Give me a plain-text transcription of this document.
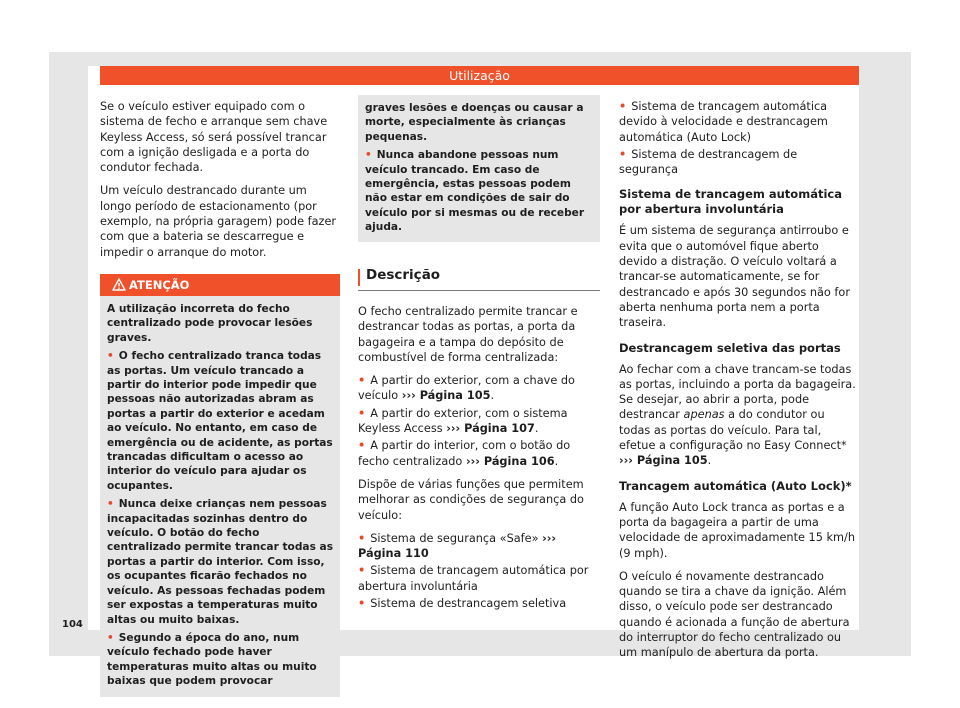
Utilização

Se o veículo estiver equipado com o sistema de fecho e arranque sem chave Keyless Access, só será possível trancar com a ignição desligada e a porta do condutor fechada.

Um veículo destrancado durante um longo período de estacionamento (por exemplo, na própria garagem) pode fazer com que a bateria se descarregue e impedir o arranque do motor.

ATENÇÃO

A utilização incorreta do fecho centralizado pode provocar lesões graves.

• O fecho centralizado tranca todas as portas. Um veículo trancado a partir do interior pode impedir que pessoas não autorizadas abram as portas a partir do exterior e acedam ao veículo. No entanto, em caso de emergência ou de acidente, as portas trancadas dificultam o acesso ao interior do veículo para ajudar os ocupantes.

• Nunca deixe crianças nem pessoas incapacitadas sozinhas dentro do veículo. O botão do fecho centralizado permite trancar todas as portas a partir do interior. Com isso, os ocupantes ficarão fechados no veículo. As pessoas fechadas podem ser expostas a temperaturas muito altas ou muito baixas.

• Segundo a época do ano, num veículo fechado pode haver temperaturas muito altas ou muito baixas que podem provocar

graves lesões e doenças ou causar a morte, especialmente às crianças pequenas.

• Nunca abandone pessoas num veículo trancado. Em caso de emergência, estas pessoas podem não estar em condições de sair do veículo por si mesmas ou de receber ajuda.

Descrição

O fecho centralizado permite trancar e destrancar todas as portas, a porta da bagageira e a tampa do depósito de combustível de forma centralizada:

• A partir do exterior, com a chave do veículo ››› Página 105.

• A partir do exterior, com o sistema Keyless Access ››› Página 107.

• A partir do interior, com o botão do fecho centralizado ››› Página 106.

Dispõe de várias funções que permitem melhorar as condições de segurança do veículo:

• Sistema de segurança «Safe» ››› Página 110

• Sistema de trancagem automática por abertura involuntária

• Sistema de destrancagem seletiva

• Sistema de trancagem automática devido à velocidade e destrancagem automática (Auto Lock)

• Sistema de destrancagem de segurança

Sistema de trancagem automática por abertura involuntária

É um sistema de segurança antirroubo e evita que o automóvel fique aberto devido a distração. O veículo voltará a trancar-se automaticamente, se for destrancado e após 30 segundos não for aberta nenhuma porta nem a porta traseira.

Destrancagem seletiva das portas

Ao fechar com a chave trancam-se todas as portas, incluindo a porta da bagageira. Se desejar, ao abrir a porta, pode destrancar apenas a do condutor ou todas as portas do veículo. Para tal, efetue a configuração no Easy Connect* ››› Página 105.

Trancagem automática (Auto Lock)*

A função Auto Lock tranca as portas e a porta da bagageira a partir de uma velocidade de aproximadamente 15 km/h (9 mph).

O veículo é novamente destrancado quando se tira a chave da ignição. Além disso, o veículo pode ser destrancado quando é acionada a função de abertura do interruptor do fecho centralizado ou um manípulo de abertura da porta.

104
